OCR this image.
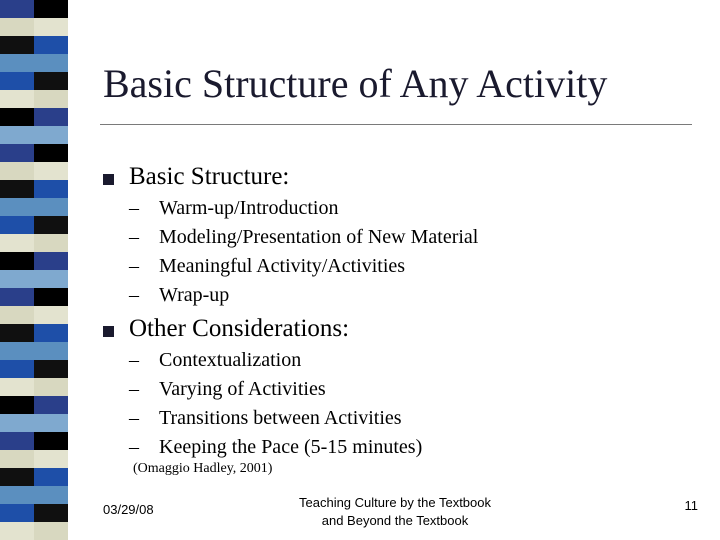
Basic Structure of Any Activity
Basic Structure:
– Warm-up/Introduction
– Modeling/Presentation of New Material
– Meaningful Activity/Activities
– Wrap-up
Other Considerations:
– Contextualization
– Varying of Activities
– Transitions between Activities
– Keeping the Pace (5-15 minutes)
(Omaggio Hadley, 2001)
03/29/08	Teaching Culture by the Textbook
and Beyond the Textbook
11
